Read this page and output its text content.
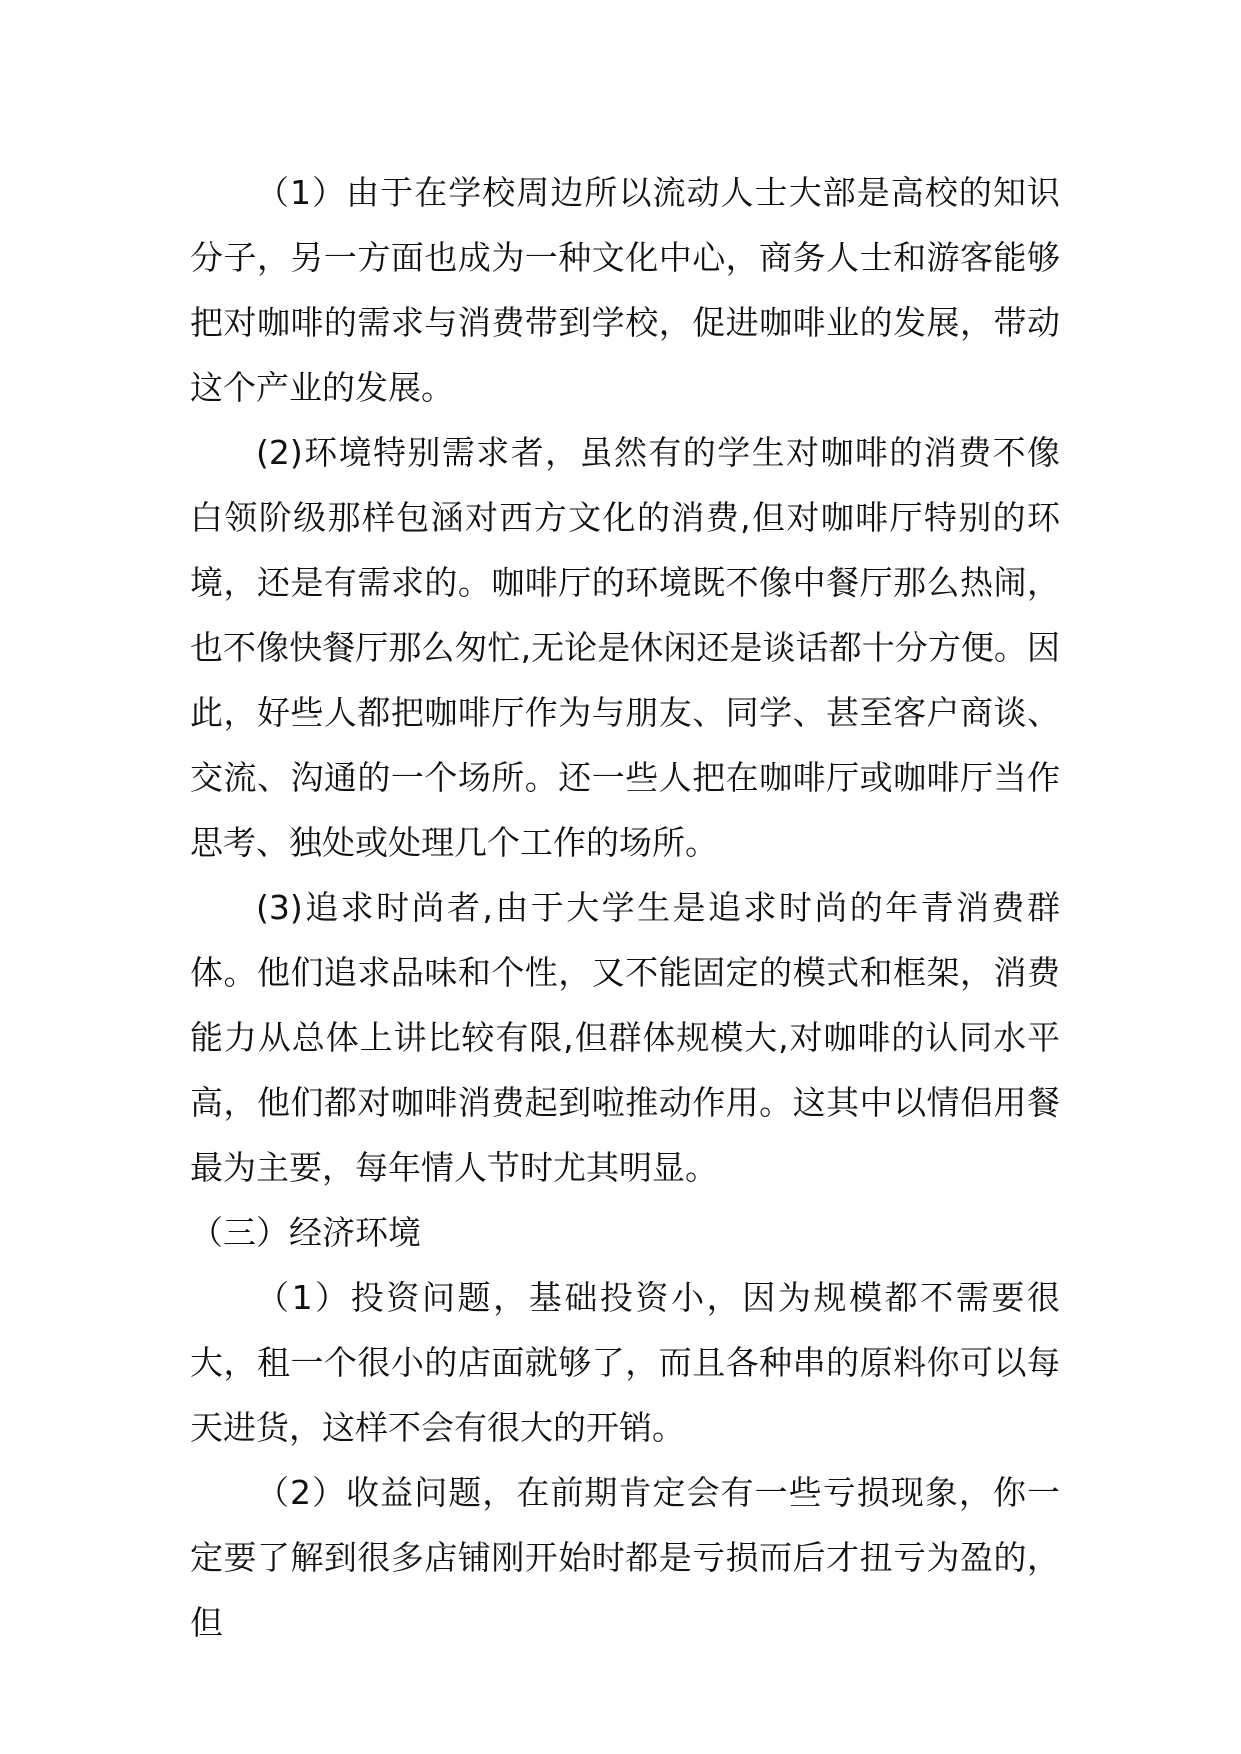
（1）由于在学校周边所以流动人士大部是高校的知识分子，另一方面也成为一种文化中心，商务人士和游客能够把对咖啡的需求与消费带到学校，促进咖啡业的发展，带动这个产业的发展。

(2)环境特别需求者，虽然有的学生对咖啡的消费不像白领阶级那样包涵对西方文化的消费,但对咖啡厅特别的环境，还是有需求的。咖啡厅的环境既不像中餐厅那么热闹，也不像快餐厅那么匆忙,无论是休闲还是谈话都十分方便。因此，好些人都把咖啡厅作为与朋友、同学、甚至客户商谈、交流、沟通的一个场所。还一些人把在咖啡厅或咖啡厅当作思考、独处或处理几个工作的场所。

(3)追求时尚者,由于大学生是追求时尚的年青消费群体。他们追求品味和个性，又不能固定的模式和框架，消费能力从总体上讲比较有限,但群体规模大,对咖啡的认同水平高，他们都对咖啡消费起到啦推动作用。这其中以情侣用餐最为主要，每年情人节时尤其明显。

（三）经济环境

（1）投资问题，基础投资小，因为规模都不需要很大，租一个很小的店面就够了，而且各种串的原料你可以每天进货，这样不会有很大的开销。

（2）收益问题，在前期肯定会有一些亏损现象，你一定要了解到很多店铺刚开始时都是亏损而后才扭亏为盈的，但
